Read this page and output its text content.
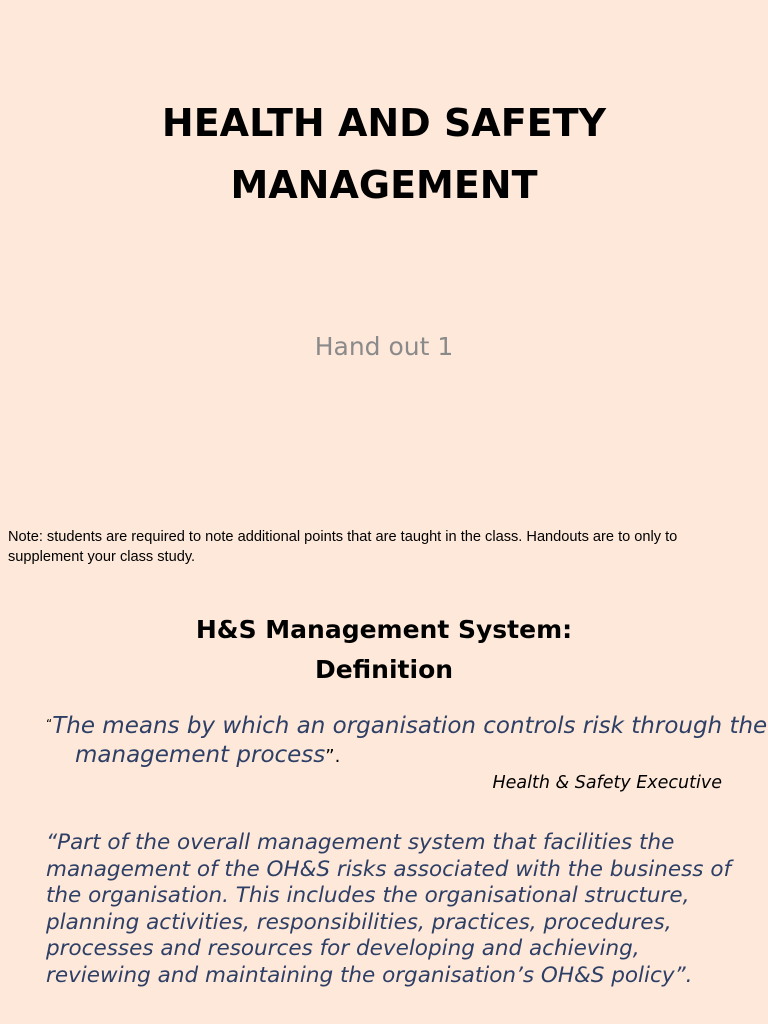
HEALTH AND SAFETY
MANAGEMENT
Hand out 1
Note: students are required to note additional points that are taught in the class. Handouts are to only to supplement your class study.
H&S Management System:
Definition
“The means by which an organisation controls risk through the management process”.
Health & Safety Executive
“Part of the overall management system that facilities the management of the OH&S risks associated with the business of the organisation. This includes the organisational structure, planning activities, responsibilities, practices, procedures, processes and resources for developing and achieving, reviewing and maintaining the organisation’s OH&S policy”.
